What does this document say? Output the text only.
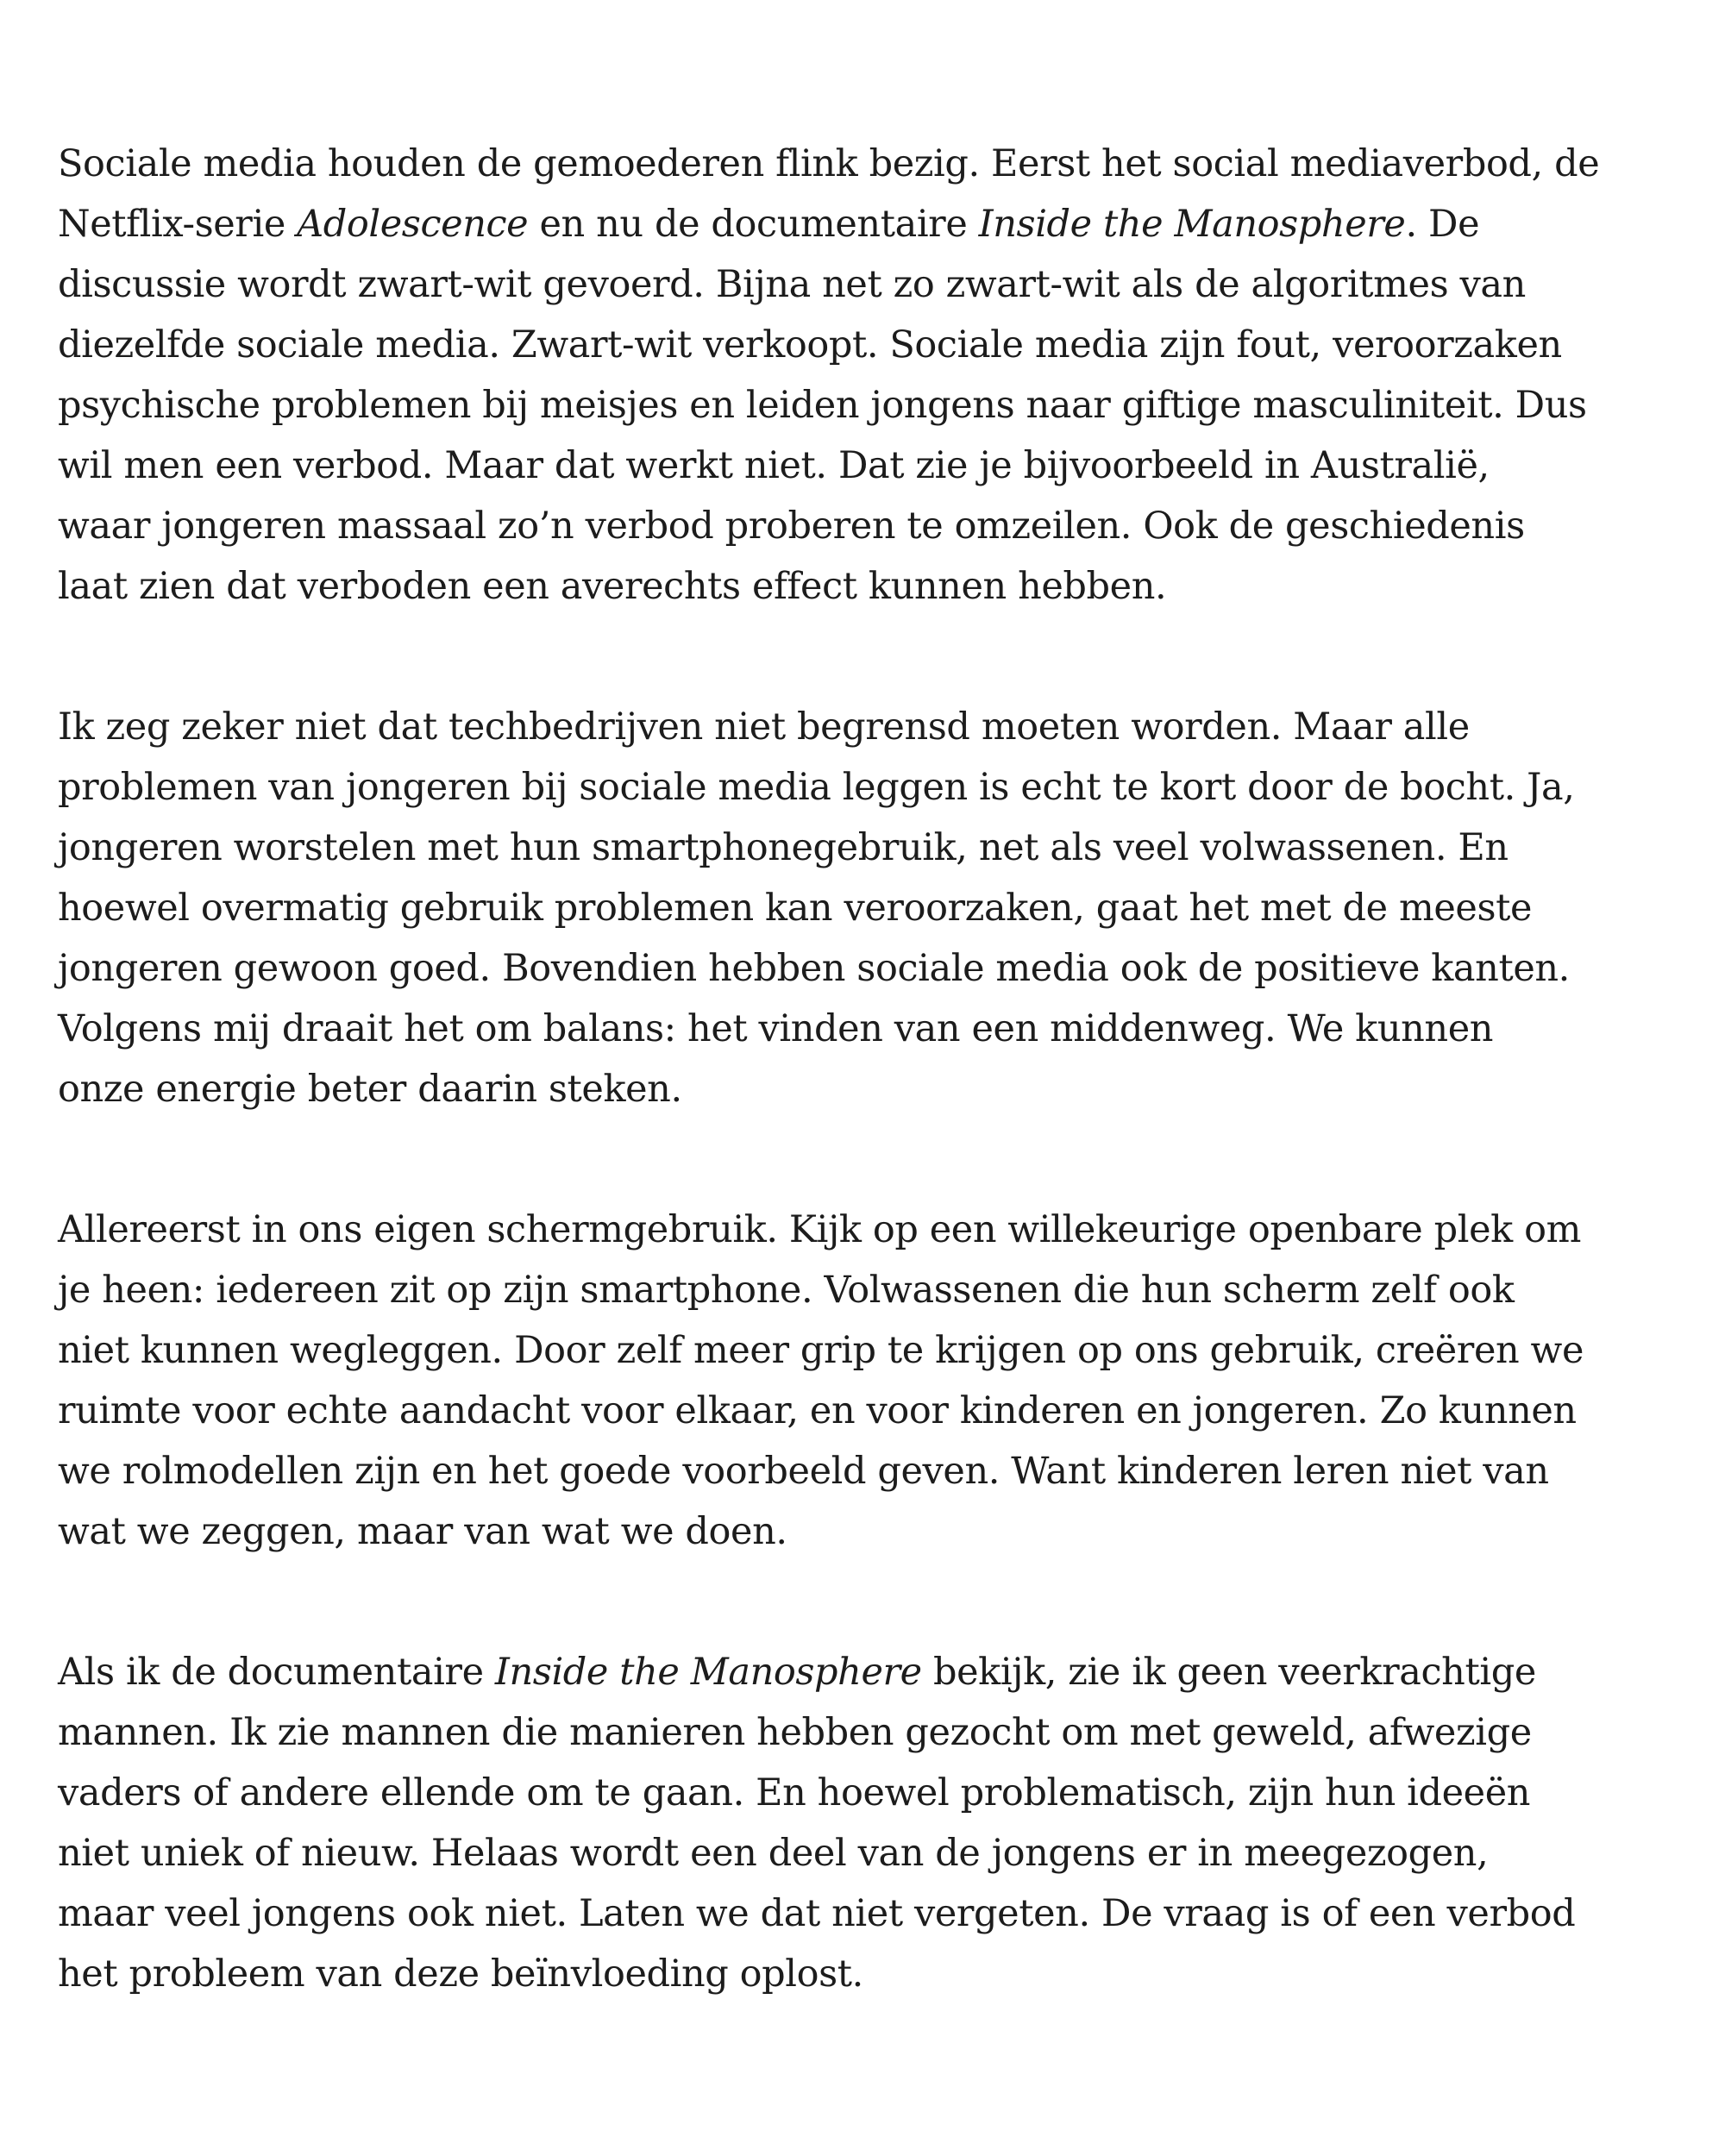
Sociale media houden de gemoederen flink bezig. Eerst het social mediaverbod, de
Netflix-serie Adolescence en nu de documentaire Inside the Manosphere. De
discussie wordt zwart-wit gevoerd. Bijna net zo zwart-wit als de algoritmes van
diezelfde sociale media. Zwart-wit verkoopt. Sociale media zijn fout, veroorzaken
psychische problemen bij meisjes en leiden jongens naar giftige masculiniteit. Dus
wil men een verbod. Maar dat werkt niet. Dat zie je bijvoorbeeld in Australië,
waar jongeren massaal zo’n verbod proberen te omzeilen. Ook de geschiedenis
laat zien dat verboden een averechts effect kunnen hebben.

Ik zeg zeker niet dat techbedrijven niet begrensd moeten worden. Maar alle
problemen van jongeren bij sociale media leggen is echt te kort door de bocht. Ja,
jongeren worstelen met hun smartphonegebruik, net als veel volwassenen. En
hoewel overmatig gebruik problemen kan veroorzaken, gaat het met de meeste
jongeren gewoon goed. Bovendien hebben sociale media ook de positieve kanten.
Volgens mij draait het om balans: het vinden van een middenweg. We kunnen
onze energie beter daarin steken.

Allereerst in ons eigen schermgebruik. Kijk op een willekeurige openbare plek om
je heen: iedereen zit op zijn smartphone. Volwassenen die hun scherm zelf ook
niet kunnen wegleggen. Door zelf meer grip te krijgen op ons gebruik, creëren we
ruimte voor echte aandacht voor elkaar, en voor kinderen en jongeren. Zo kunnen
we rolmodellen zijn en het goede voorbeeld geven. Want kinderen leren niet van
wat we zeggen, maar van wat we doen.

Als ik de documentaire Inside the Manosphere bekijk, zie ik geen veerkrachtige
mannen. Ik zie mannen die manieren hebben gezocht om met geweld, afwezige
vaders of andere ellende om te gaan. En hoewel problematisch, zijn hun ideeën
niet uniek of nieuw. Helaas wordt een deel van de jongens er in meegezogen,
maar veel jongens ook niet. Laten we dat niet vergeten. De vraag is of een verbod
het probleem van deze beïnvloeding oplost.
